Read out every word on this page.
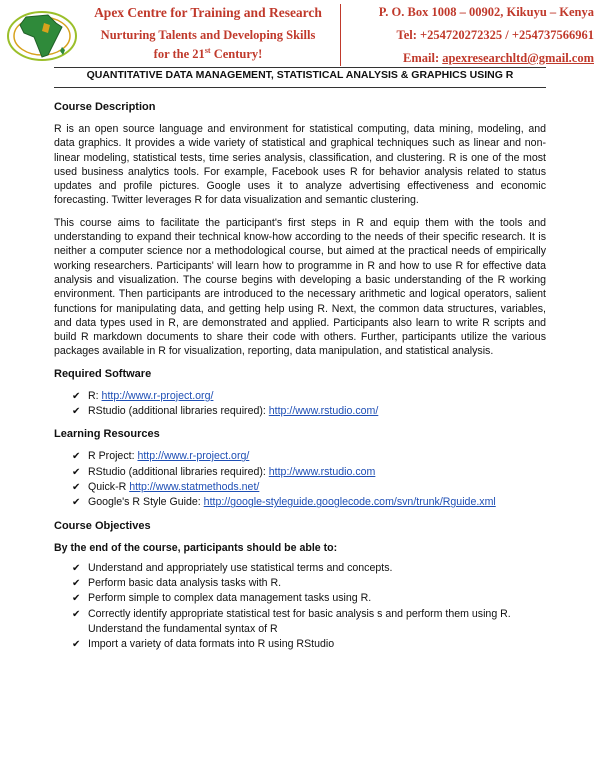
Apex Centre for Training and Research
Nurturing Talents and Developing Skills
for the 21st Century!
P. O. Box 1008 – 00902, Kikuyu – Kenya
Tel: +254720272325 / +254737566961
Email: apexresearchltd@gmail.com
QUANTITATIVE DATA MANAGEMENT, STATISTICAL ANALYSIS & GRAPHICS USING R
Course Description

R is an open source language and environment for statistical computing, data mining, modeling, and data graphics. It provides a wide variety of statistical and graphical techniques such as linear and non-linear modeling, statistical tests, time series analysis, classification, and clustering. R is one of the most used business analytics tools. For example, Facebook uses R for behavior analysis related to status updates and profile pictures. Google uses it to analyze advertising effectiveness and economic forecasting. Twitter leverages R for data visualization and semantic clustering.

This course aims to facilitate the participant's first steps in R and equip them with the tools and understanding to expand their technical know-how according to the needs of their specific research. It is neither a computer science nor a methodological course, but aimed at the practical needs of empirically working researchers. Participants' will learn how to programme in R and how to use R for effective data analysis and visualization. The course begins with developing a basic understanding of the R working environment. Then participants are introduced to the necessary arithmetic and logical operators, salient functions for manipulating data, and getting help using R. Next, the common data structures, variables, and data types used in R, are demonstrated and applied. Participants also learn to write R scripts and build R markdown documents to share their code with others. Further, participants utilize the various packages available in R for visualization, reporting, data manipulation, and statistical analysis.

Required Software
✔ R: http://www.r-project.org/
✔ RStudio (additional libraries required): http://www.rstudio.com/
Learning Resources
✔ R Project: http://www.r-project.org/
✔ RStudio (additional libraries required): http://www.rstudio.com
✔ Quick-R http://www.statmethods.net/
✔ Google's R Style Guide: http://google-styleguide.googlecode.com/svn/trunk/Rguide.xml
Course Objectives
By the end of the course, participants should be able to:
✔ Understand and appropriately use statistical terms and concepts.
✔ Perform basic data analysis tasks with R.
✔ Perform simple to complex data management tasks using R.
✔ Correctly identify appropriate statistical test for basic analysis s and perform them using R. Understand the fundamental syntax of R
✔ Import a variety of data formats into R using RStudio
